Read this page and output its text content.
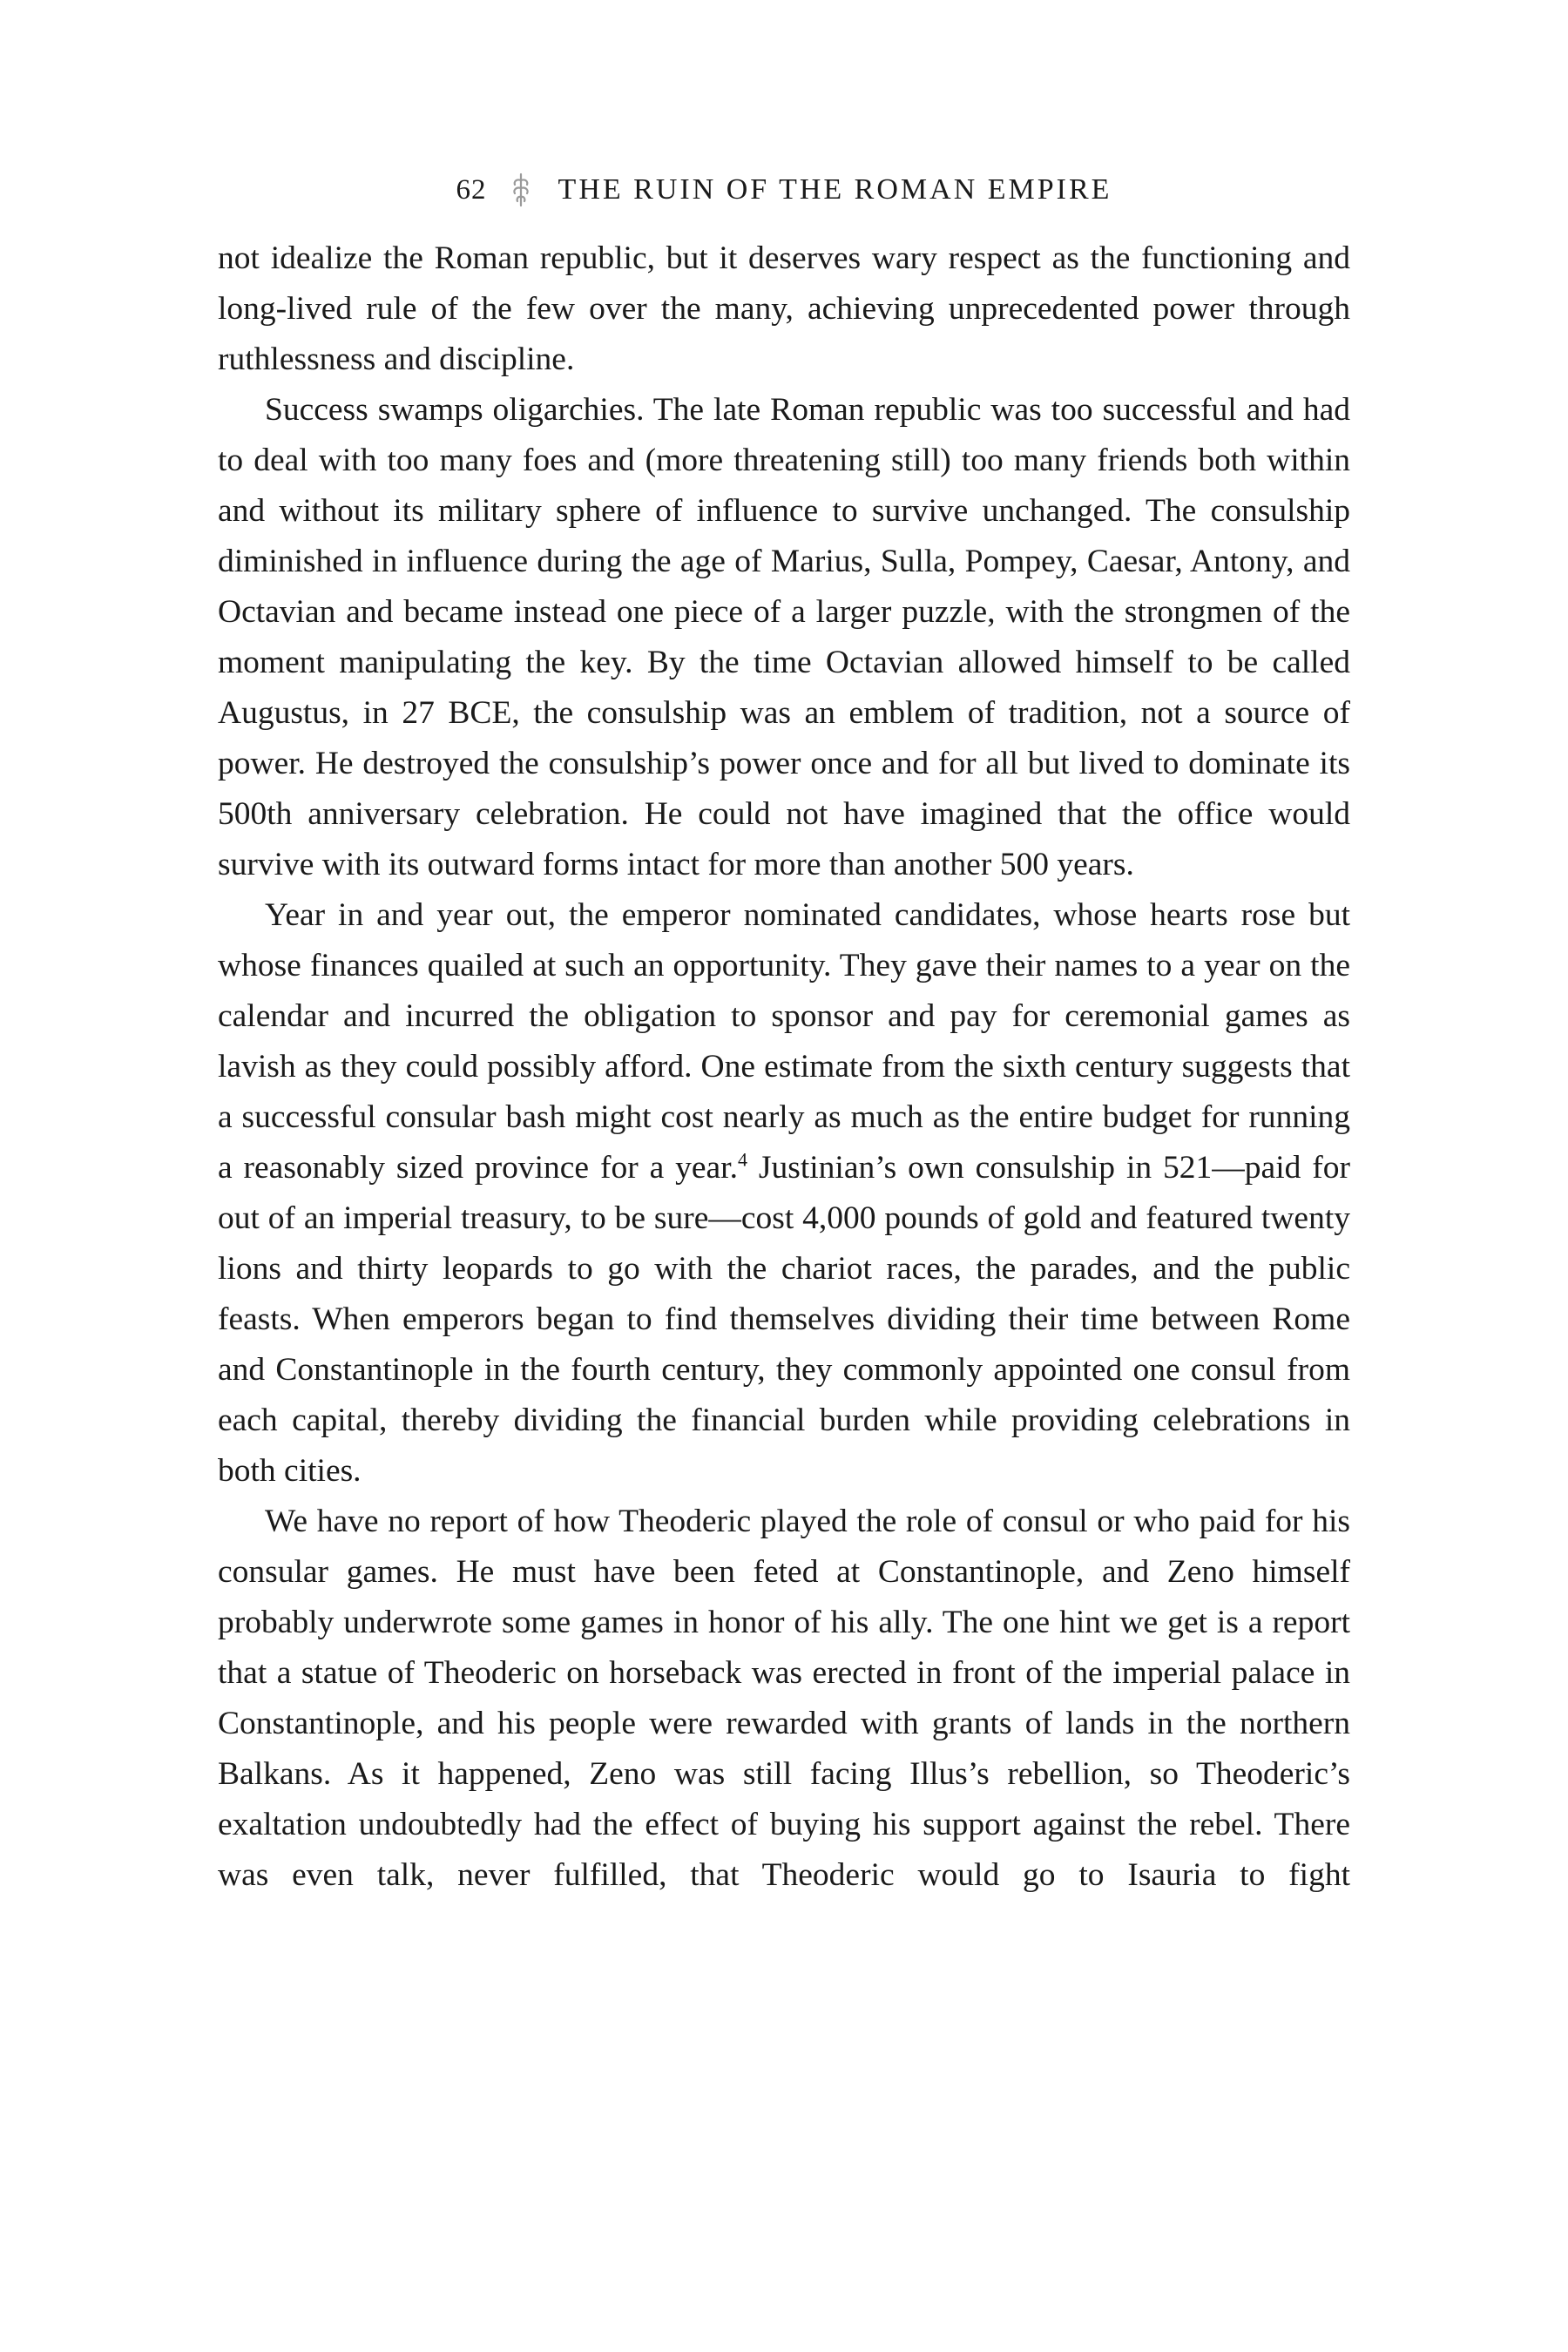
62 THE RUIN OF THE ROMAN EMPIRE

not idealize the Roman republic, but it deserves wary respect as the functioning and long-lived rule of the few over the many, achieving unprecedented power through ruthlessness and discipline.

Success swamps oligarchies. The late Roman republic was too successful and had to deal with too many foes and (more threatening still) too many friends both within and without its military sphere of influence to survive unchanged. The consulship diminished in influence during the age of Marius, Sulla, Pompey, Caesar, Antony, and Octavian and became instead one piece of a larger puzzle, with the strongmen of the moment manipulating the key. By the time Octavian allowed himself to be called Augustus, in 27 BCE, the consulship was an emblem of tradition, not a source of power. He destroyed the consulship’s power once and for all but lived to dominate its 500th anniversary celebration. He could not have imagined that the office would survive with its outward forms intact for more than another 500 years.

Year in and year out, the emperor nominated candidates, whose hearts rose but whose finances quailed at such an opportunity. They gave their names to a year on the calendar and incurred the obligation to sponsor and pay for ceremonial games as lavish as they could possibly afford. One estimate from the sixth century suggests that a successful consular bash might cost nearly as much as the entire budget for running a reasonably sized province for a year.$^4$ Justinian’s own consulship in 521—paid for out of an imperial treasury, to be sure—cost 4,000 pounds of gold and featured twenty lions and thirty leopards to go with the chariot races, the parades, and the public feasts. When emperors began to find themselves dividing their time between Rome and Constantinople in the fourth century, they commonly appointed one consul from each capital, thereby dividing the financial burden while providing celebrations in both cities.

We have no report of how Theoderic played the role of consul or who paid for his consular games. He must have been feted at Constantinople, and Zeno himself probably underwrote some games in honor of his ally. The one hint we get is a report that a statue of Theoderic on horseback was erected in front of the imperial palace in Constantinople, and his people were rewarded with grants of lands in the northern Balkans. As it happened, Zeno was still facing Illus’s rebellion, so Theoderic’s exaltation undoubtedly had the effect of buying his support against the rebel. There was even talk, never fulfilled, that Theoderic would go to Isauria to fight
